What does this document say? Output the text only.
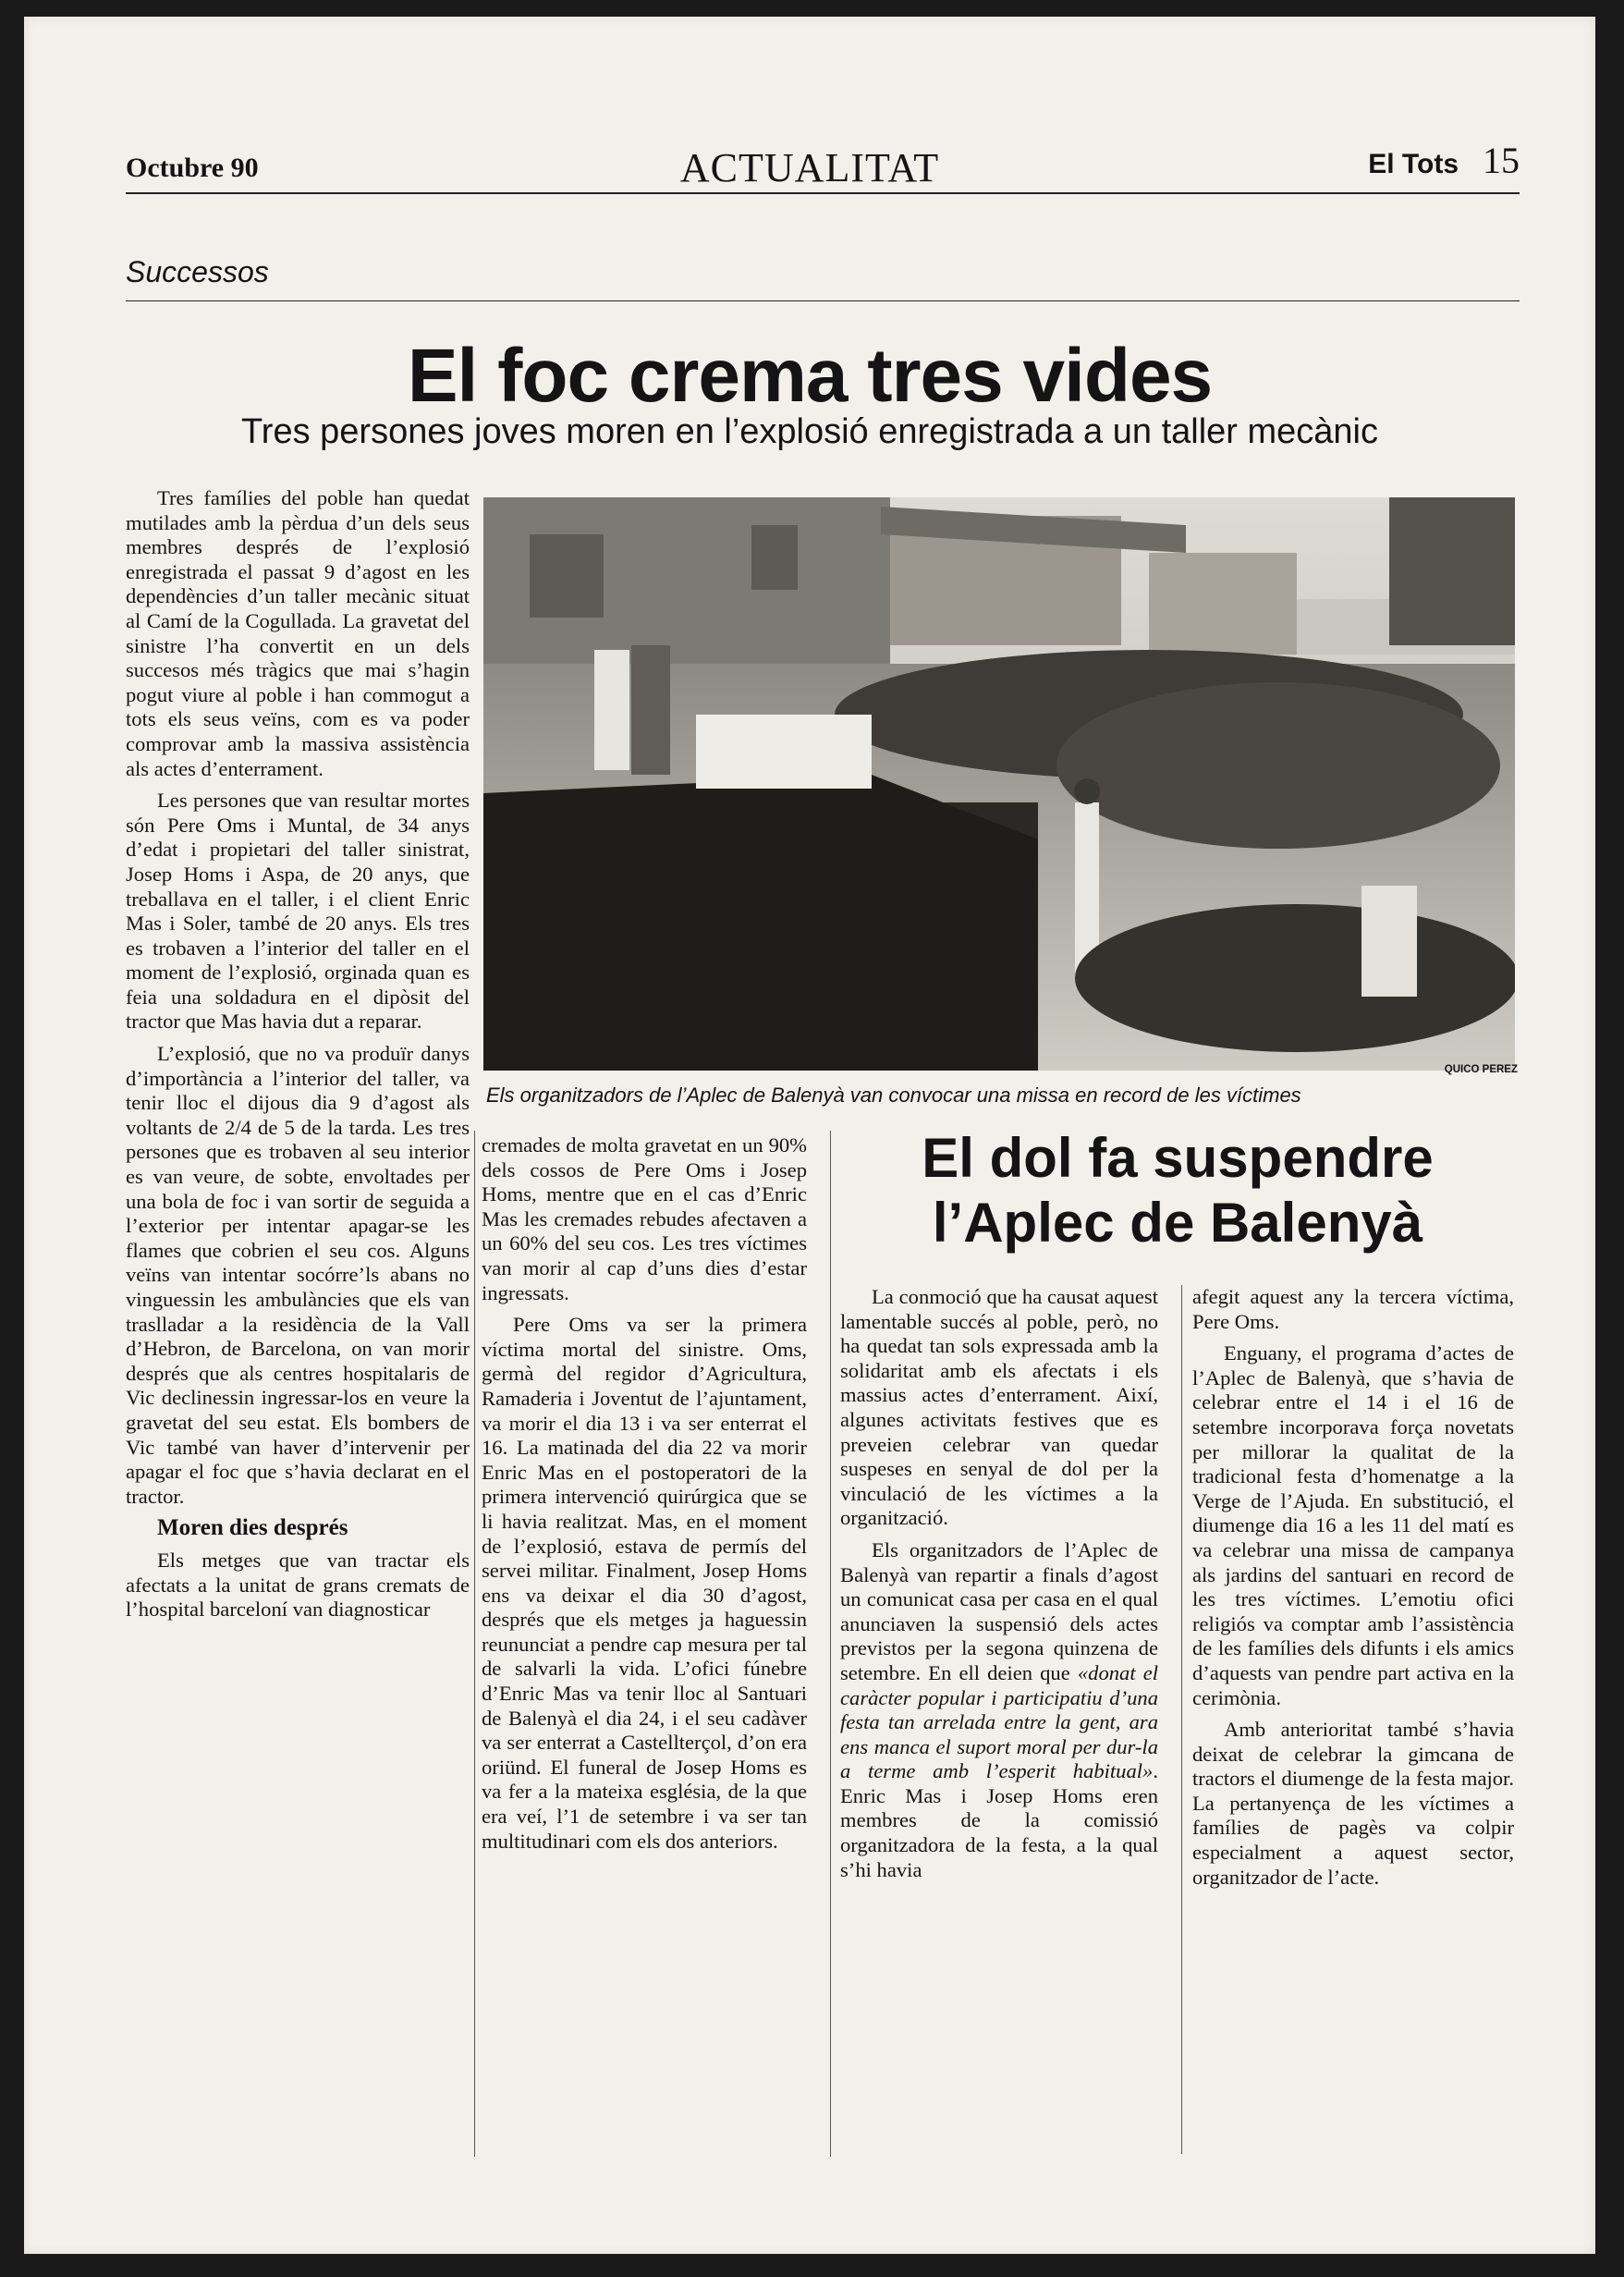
Octubre 90	ACTUALITAT	El Tots 15
Successos
El foc crema tres vides
Tres persones joves moren en l’explosió enregistrada a un taller mecànic
QUICO PEREZ
Els organitzadors de l’Aplec de Balenyà van convocar una missa en record de les víctimes

Tres famílies del poble han quedat mutilades amb la pèrdua d’un dels seus membres després de l’explosió enregistrada el passat 9 d’agost en les dependències d’un taller mecànic situat al Camí de la Cogullada. La gravetat del sinistre l’ha convertit en un dels succesos més tràgics que mai s’hagin pogut viure al poble i han commogut a tots els seus veïns, com es va poder comprovar amb la massiva assistència als actes d’enterrament.

Les persones que van resultar mortes són Pere Oms i Muntal, de 34 anys d’edat i propietari del taller sinistrat, Josep Homs i Aspa, de 20 anys, que treballava en el taller, i el client Enric Mas i Soler, també de 20 anys. Els tres es trobaven a l’interior del taller en el moment de l’explosió, orginada quan es feia una soldadura en el dipòsit del tractor que Mas havia dut a reparar.

L’explosió, que no va produïr danys d’importància a l’interior del taller, va tenir lloc el dijous dia 9 d’agost als voltants de 2/4 de 5 de la tarda. Les tres persones que es trobaven al seu interior es van veure, de sobte, envoltades per una bola de foc i van sortir de seguida a l’exterior per intentar apagar-se les flames que cobrien el seu cos. Alguns veïns van intentar socórre’ls abans no vinguessin les ambulàncies que els van traslladar a la residència de la Vall d’Hebron, de Barcelona, on van morir després que als centres hospitalaris de Vic declinessin ingressar-los en veure la gravetat del seu estat. Els bombers de Vic també van haver d’intervenir per apagar el foc que s’havia declarat en el tractor.

Moren dies després

Els metges que van tractar els afectats a la unitat de grans cremats de l’hospital barceloní van diagnosticar

cremades de molta gravetat en un 90% dels cossos de Pere Oms i Josep Homs, mentre que en el cas d’Enric Mas les cremades rebudes afectaven a un 60% del seu cos. Les tres víctimes van morir al cap d’uns dies d’estar ingressats.

Pere Oms va ser la primera víctima mortal del sinistre. Oms, germà del regidor d’Agricultura, Ramaderia i Joventut de l’ajuntament, va morir el dia 13 i va ser enterrat el 16. La matinada del dia 22 va morir Enric Mas en el postoperatori de la primera intervenció quirúrgica que se li havia realitzat. Mas, en el moment de l’explosió, estava de permís del servei militar. Finalment, Josep Homs ens va deixar el dia 30 d’agost, després que els metges ja haguessin reununciat a pendre cap mesura per tal de salvarli la vida. L’ofici fúnebre d’Enric Mas va tenir lloc al Santuari de Balenyà el dia 24, i el seu cadàver va ser enterrat a Castellterçol, d’on era oriünd. El funeral de Josep Homs es va fer a la mateixa església, de la que era veí, l’1 de setembre i va ser tan multitudinari com els dos anteriors.

El dol fa suspendre
l’Aplec de Balenyà

La conmoció que ha causat aquest lamentable succés al poble, però, no ha quedat tan sols expressada amb la solidaritat amb els afectats i els massius actes d’enterrament. Així, algunes activitats festives que es preveien celebrar van quedar suspeses en senyal de dol per la vinculació de les víctimes a la organització.

Els organitzadors de l’Aplec de Balenyà van repartir a finals d’agost un comunicat casa per casa en el qual anunciaven la suspensió dels actes previstos per la segona quinzena de setembre. En ell deien que «donat el caràcter popular i participatiu d’una festa tan arrelada entre la gent, ara ens manca el suport moral per dur-la a terme amb l’esperit habitual». Enric Mas i Josep Homs eren membres de la comissió organitzadora de la festa, a la qual s’hi havia

afegit aquest any la tercera víctima, Pere Oms.

Enguany, el programa d’actes de l’Aplec de Balenyà, que s’havia de celebrar entre el 14 i el 16 de setembre incorporava força novetats per millorar la qualitat de la tradicional festa d’homenatge a la Verge de l’Ajuda. En substitució, el diumenge dia 16 a les 11 del matí es va celebrar una missa de campanya als jardins del santuari en record de les tres víctimes. L’emotiu ofici religiós va comptar amb l’assistència de les famílies dels difunts i els amics d’aquests van pendre part activa en la cerimònia.

Amb anterioritat també s’havia deixat de celebrar la gimcana de tractors el diumenge de la festa major. La pertanyença de les víctimes a famílies de pagès va colpir especialment a aquest sector, organitzador de l’acte.
